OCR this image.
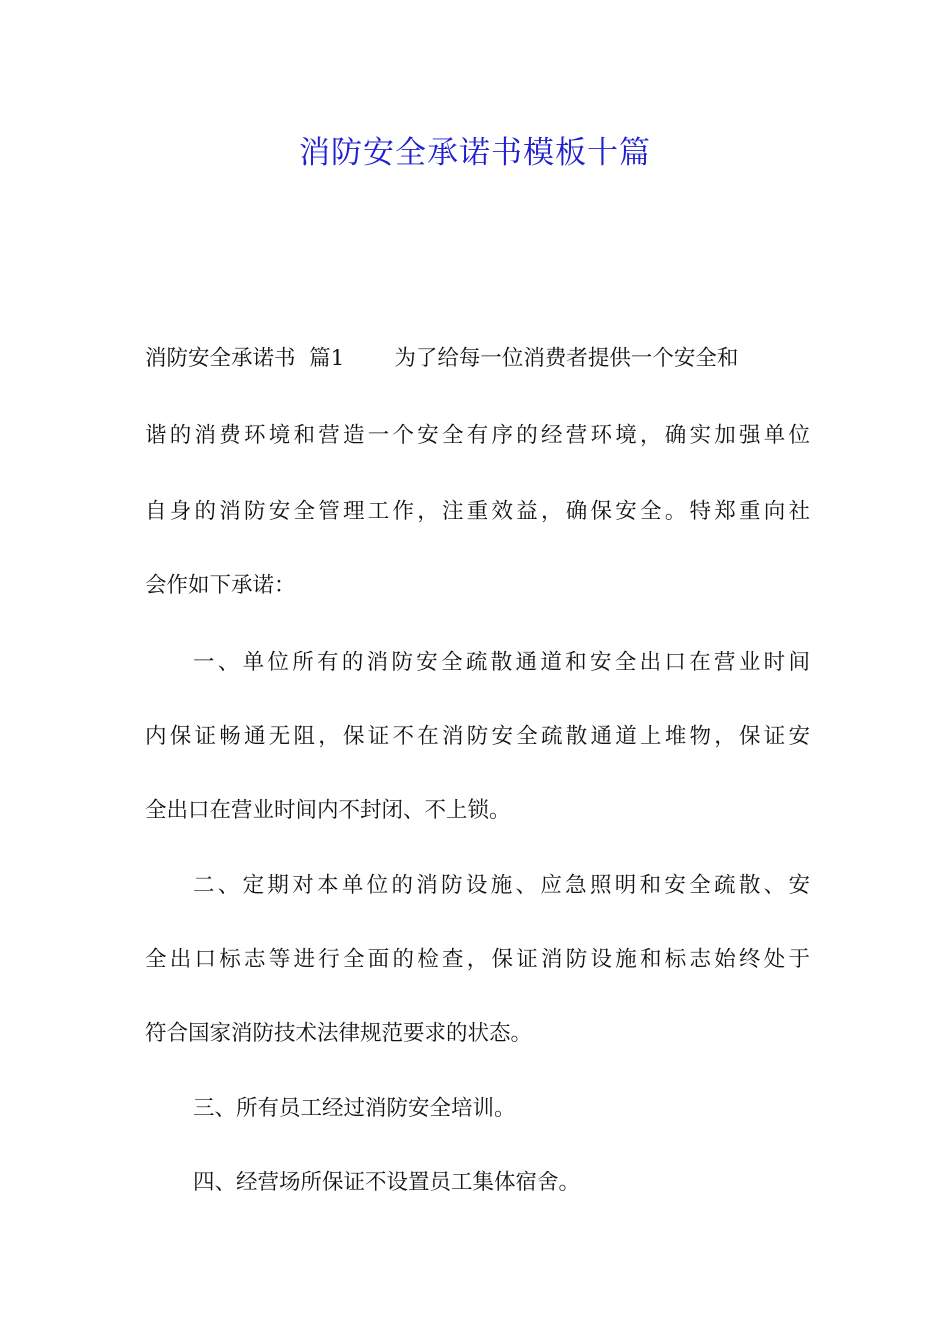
消防安全承诺书模板十篇
消防安全承诺书  篇1 为了给每一位消费者提供一个安全和
谐的消费环境和营造一个安全有序的经营环境，确实加强单位
自身的消防安全管理工作，注重效益，确保安全。特郑重向社
会作如下承诺：
一、单位所有的消防安全疏散通道和安全出口在营业时间
内保证畅通无阻，保证不在消防安全疏散通道上堆物，保证安
全出口在营业时间内不封闭、不上锁。
二、定期对本单位的消防设施、应急照明和安全疏散、安
全出口标志等进行全面的检查，保证消防设施和标志始终处于
符合国家消防技术法律规范要求的状态。
三、所有员工经过消防安全培训。
四、经营场所保证不设置员工集体宿舍。
